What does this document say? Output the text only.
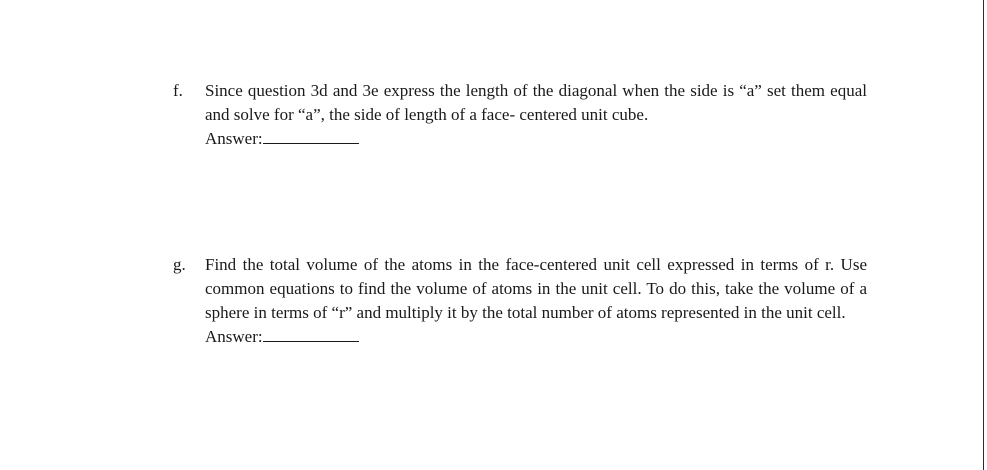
f. Since question 3d and 3e express the length of the diagonal when the side is “a” set them equal and solve for “a”, the side of length of a face- centered unit cube.

Answer:
g. Find the total volume of the atoms in the face-centered unit cell expressed in terms of r. Use common equations to find the volume of atoms in the unit cell. To do this, take the volume of a sphere in terms of “r” and multiply it by the total number of atoms represented in the unit cell.

Answer:
